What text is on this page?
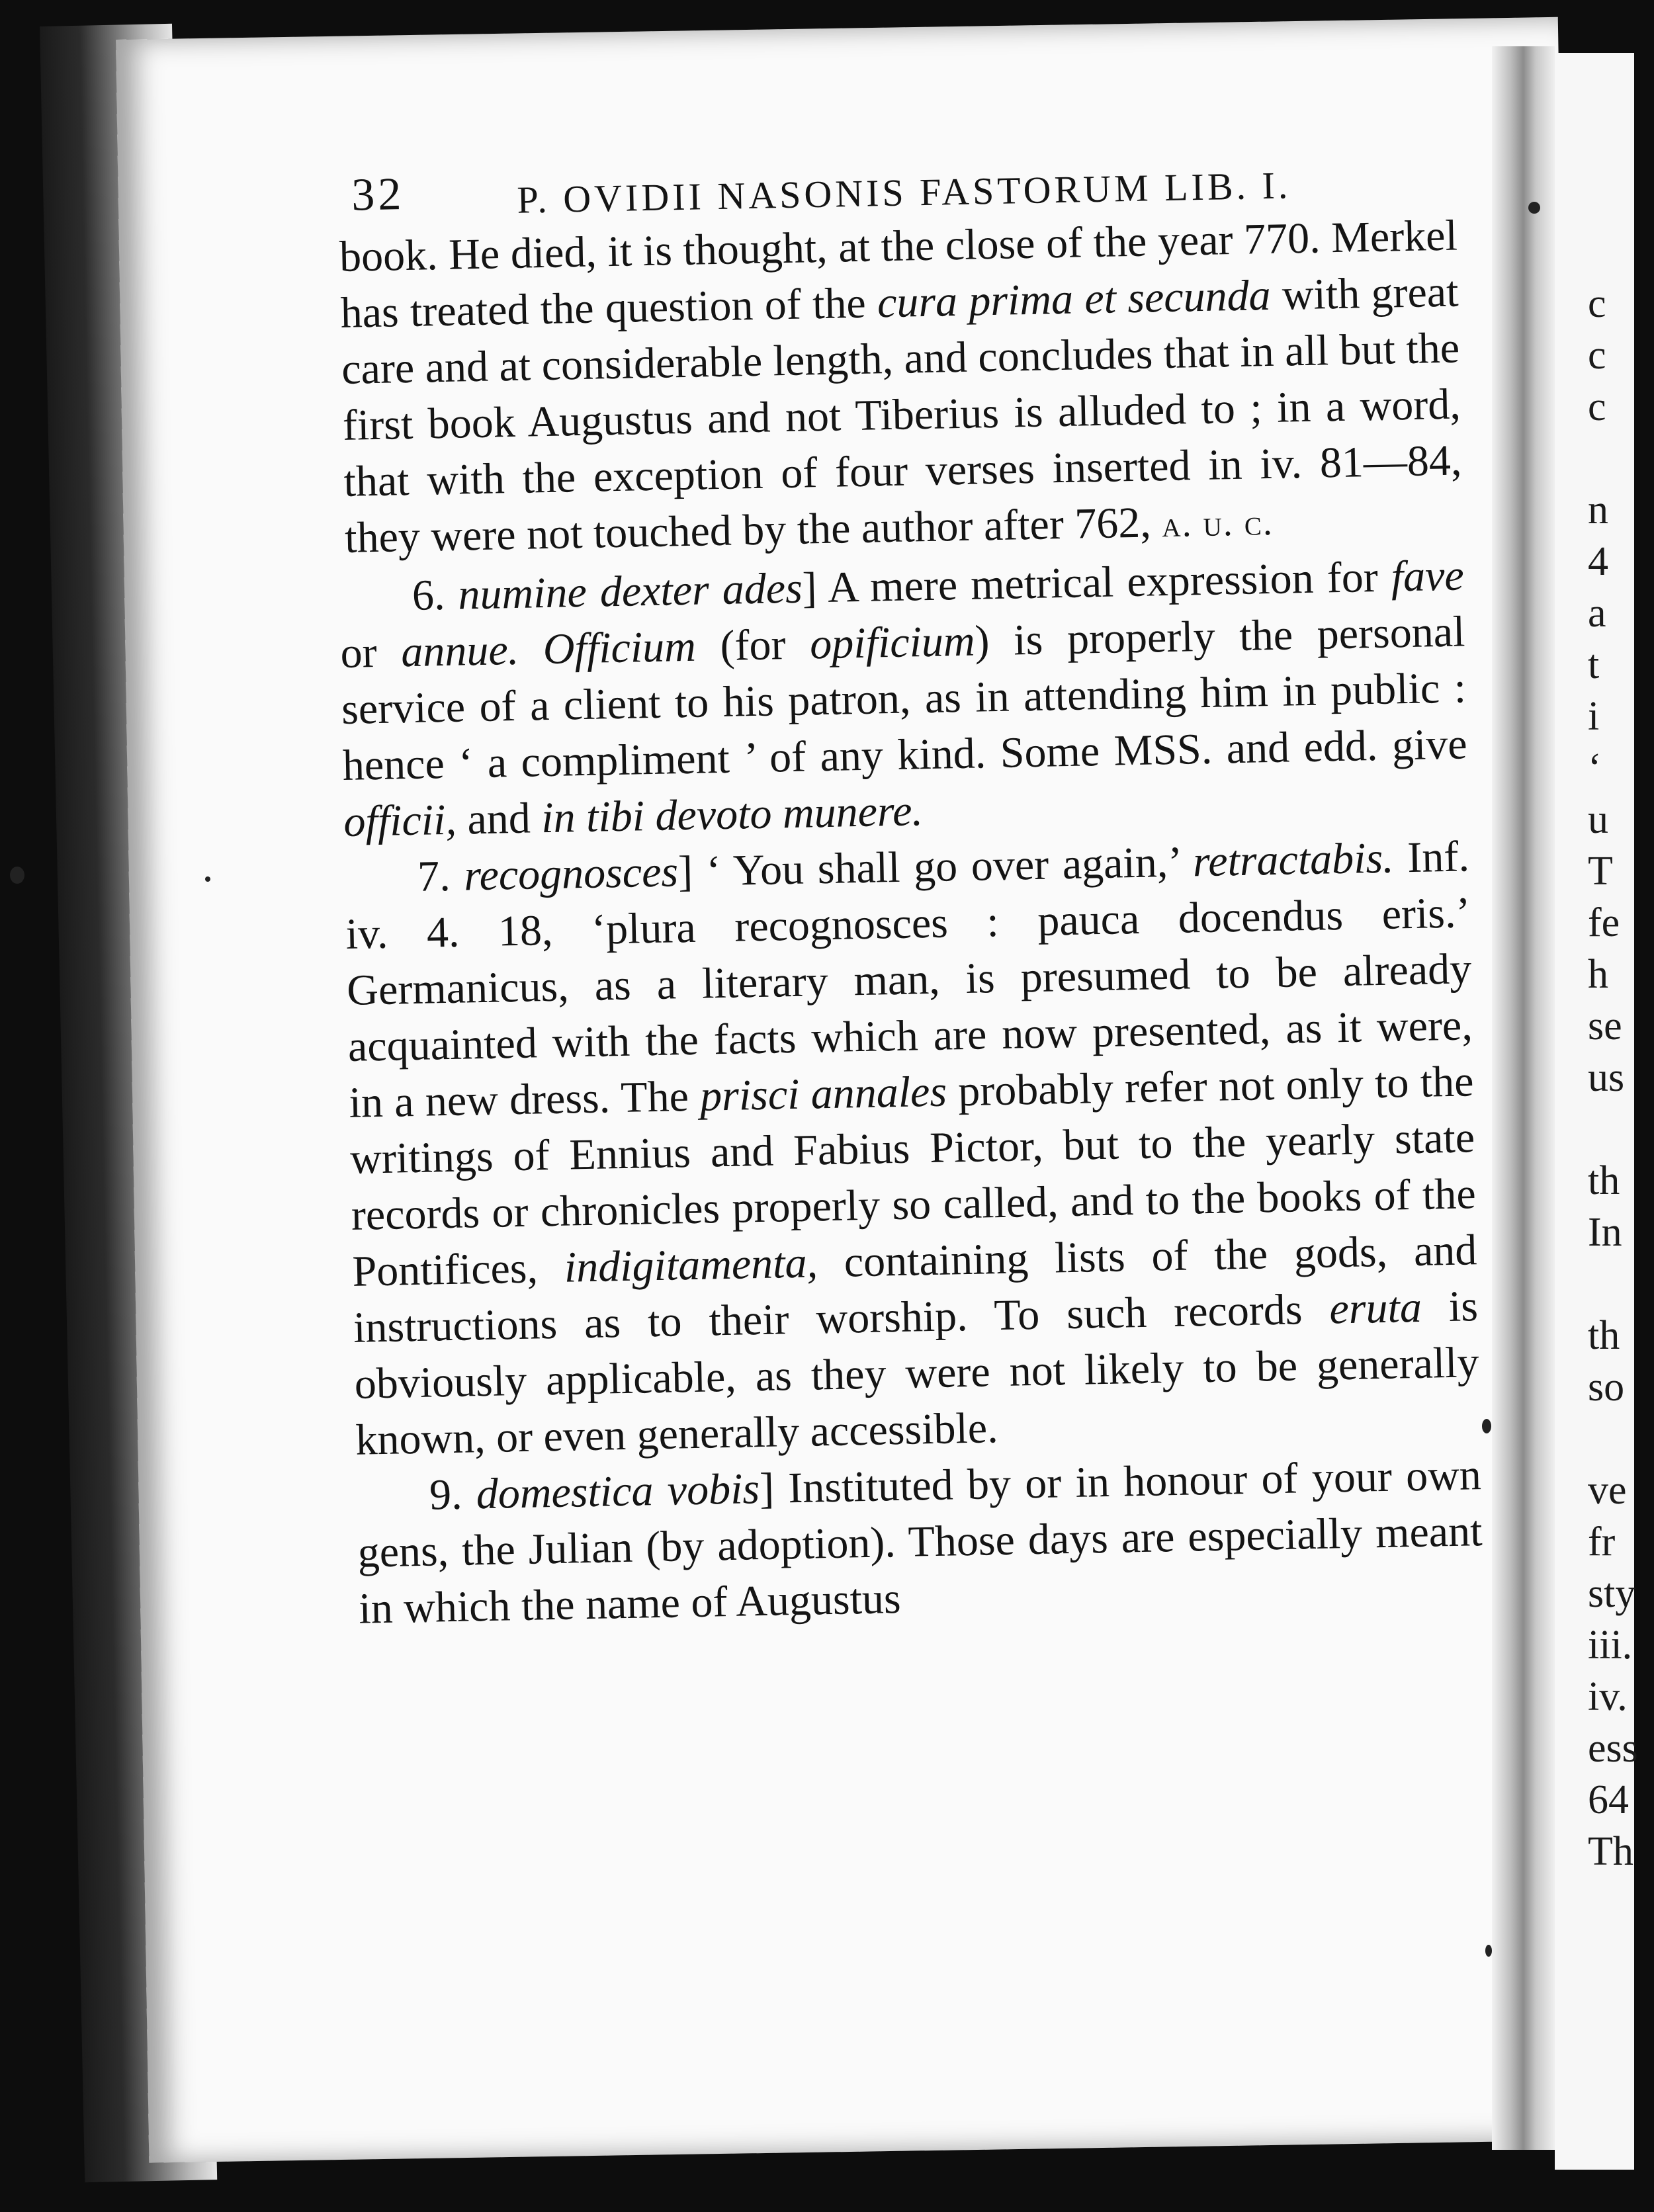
c
c
c
n
4
a
t
i
‘
u
T
fe
h
se
us
th
In
th
so
ve
fr
sty
iii.
iv.
ess
64
Th
32	P. OVIDII NASONIS FASTORUM LIB. I.

book. He died, it is thought, at the close of the year 770. Merkel has treated the question of the cura prima et secunda with great care and at considerable length, and concludes that in all but the first book Augustus and not Tiberius is alluded to ; in a word, that with the exception of four verses inserted in iv. 81—84, they were not touched by the author after 762, a. u. c.

6. numine dexter ades] A mere metrical expression for fave or annue. Officium (for opificium) is properly the personal service of a client to his patron, as in attending him in public : hence ‘ a compliment ’ of any kind. Some MSS. and edd. give officii, and in tibi devoto munere.

7. recognosces] ‘ You shall go over again,’ retractabis. Inf. iv. 4. 18, ‘plura recognosces : pauca docendus eris.’ Germanicus, as a literary man, is presumed to be already acquainted with the facts which are now presented, as it were, in a new dress. The prisci annales probably refer not only to the writings of Ennius and Fabius Pictor, but to the yearly state records or chronicles properly so called, and to the books of the Pontifices, indigitamenta, containing lists of the gods, and instructions as to their worship. To such records eruta is obviously applicable, as they were not likely to be generally known, or even generally accessible.

9. domestica vobis] Instituted by or in honour of your own gens, the Julian (by adoption). Those days are especially meant in which the name of Augustus
